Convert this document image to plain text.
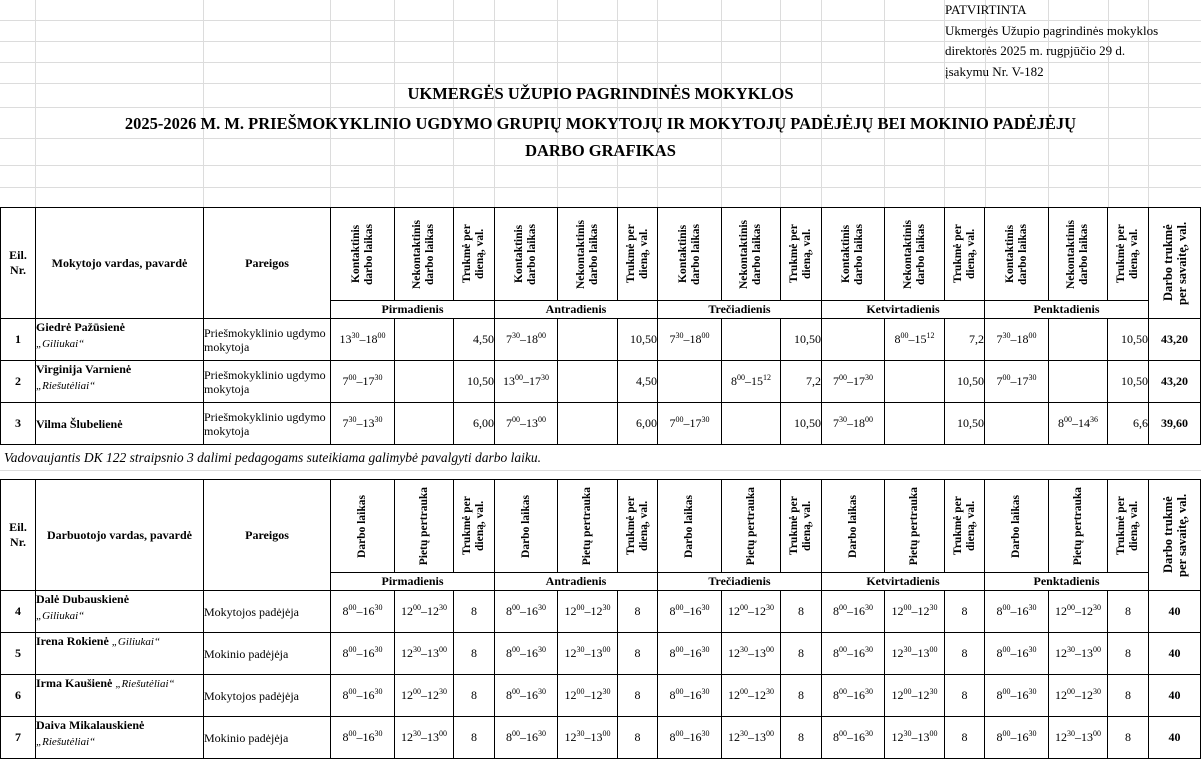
PATVIRTINTA
Ukmergės Užupio pagrindinės mokyklos
direktorės 2025 m. rugpjūčio 29 d.
įsakymu Nr. V-182
UKMERGĖS UŽUPIO PAGRINDINĖS MOKYKLOS
2025-2026 M. M. PRIEŠMOKYKLINIO UGDYMO GRUPIŲ MOKYTOJŲ IR MOKYTOJŲ PADĖJĖJŲ BEI MOKINIO PADĖJĖJŲ
DARBO GRAFIKAS
Eil. Nr.	Mokytojo vardas, pavardė	Pareigos	Kontaktinis darbo laikas	Nekontaktinis darbo laikas	Trukmė per dieną, val.	Kontaktinis darbo laikas	Nekontaktinis darbo laikas	Trukmė per dieną, val.	Kontaktinis darbo laikas	Nekontaktinis darbo laikas	Trukmė per dieną, val.	Kontaktinis darbo laikas	Nekontaktinis darbo laikas	Trukmė per dieną, val.	Kontaktinis darbo laikas	Nekontaktinis darbo laikas	Trukmė per dieną, val.	Darbo trukmė per savaitę, val.

			Pirmadienis			Antradienis			Trečiadienis			Ketvirtadienis			Penktadienis			
1	Giedrė Pažūsienė
„Giliukai“	Priešmokyklinio ugdymo mokytoja	$13^{30}-18^{00}$		4,50	$7^{30}-18^{00}$		10,50	$7^{30}-18^{00}$		10,50		$8^{00}-15^{12}$	7,2	$7^{30}-18^{00}$		10,50	43,20
2	Virginija Varnienė
„Riešutėliai“	Priešmokyklinio ugdymo mokytoja	$7^{00}-17^{30}$		10,50	$13^{00}-17^{30}$		4,50		$8^{00}-15^{12}$	7,2	$7^{00}-17^{30}$		10,50	$7^{00}-17^{30}$		10,50	43,20
3	Vilma Šlubelienė	Priešmokyklinio ugdymo mokytoja	$7^{30}-13^{30}$		6,00	$7^{00}-13^{00}$		6,00	$7^{00}-17^{30}$		10,50	$7^{30}-18^{00}$		10,50		$8^{00}-14^{36}$	6,6	39,60
Vadovaujantis DK 122 straipsnio 3 dalimi pedagogams suteikiama galimybė pavalgyti darbo laiku.
Eil. Nr.	Darbuotojo vardas, pavardė	Pareigos	Darbo laikas	Pietų pertrauka	Trukmė per dieną, val.	Darbo laikas	Pietų pertrauka	Trukmė per dieną, val.	Darbo laikas	Pietų pertrauka	Trukmė per dieną, val.	Darbo laikas	Pietų pertrauka	Trukmė per dieną, val.	Darbo laikas	Pietų pertrauka	Trukmė per dieną, val.	Darbo trukmė per savaitę, val.

			Pirmadienis			Antradienis			Trečiadienis			Ketvirtadienis			Penktadienis			
4	Dalė Dubauskienė
„Giliukai“	Mokytojos padėjėja	$8^{00}-16^{30}$	$12^{00}-12^{30}$	8	$8^{00}-16^{30}$	$12^{00}-12^{30}$	8	$8^{00}-16^{30}$	$12^{00}-12^{30}$	8	$8^{00}-16^{30}$	$12^{00}-12^{30}$	8	$8^{00}-16^{30}$	$12^{00}-12^{30}$	8	40
5	Irena Rokienė „Giliukai“	Mokinio padėjėja	$8^{00}-16^{30}$	$12^{30}-13^{00}$	8	$8^{00}-16^{30}$	$12^{30}-13^{00}$	8	$8^{00}-16^{30}$	$12^{30}-13^{00}$	8	$8^{00}-16^{30}$	$12^{30}-13^{00}$	8	$8^{00}-16^{30}$	$12^{30}-13^{00}$	8	40
6	Irma Kaušienė „Riešutėliai“	Mokytojos padėjėja	$8^{00}-16^{30}$	$12^{00}-12^{30}$	8	$8^{00}-16^{30}$	$12^{00}-12^{30}$	8	$8^{00}-16^{30}$	$12^{00}-12^{30}$	8	$8^{00}-16^{30}$	$12^{00}-12^{30}$	8	$8^{00}-16^{30}$	$12^{00}-12^{30}$	8	40
7	Daiva Mikalauskienė
„Riešutėliai“	Mokinio padėjėja	$8^{00}-16^{30}$	$12^{30}-13^{00}$	8	$8^{00}-16^{30}$	$12^{30}-13^{00}$	8	$8^{00}-16^{30}$	$12^{30}-13^{00}$	8	$8^{00}-16^{30}$	$12^{30}-13^{00}$	8	$8^{00}-16^{30}$	$12^{30}-13^{00}$	8	40
